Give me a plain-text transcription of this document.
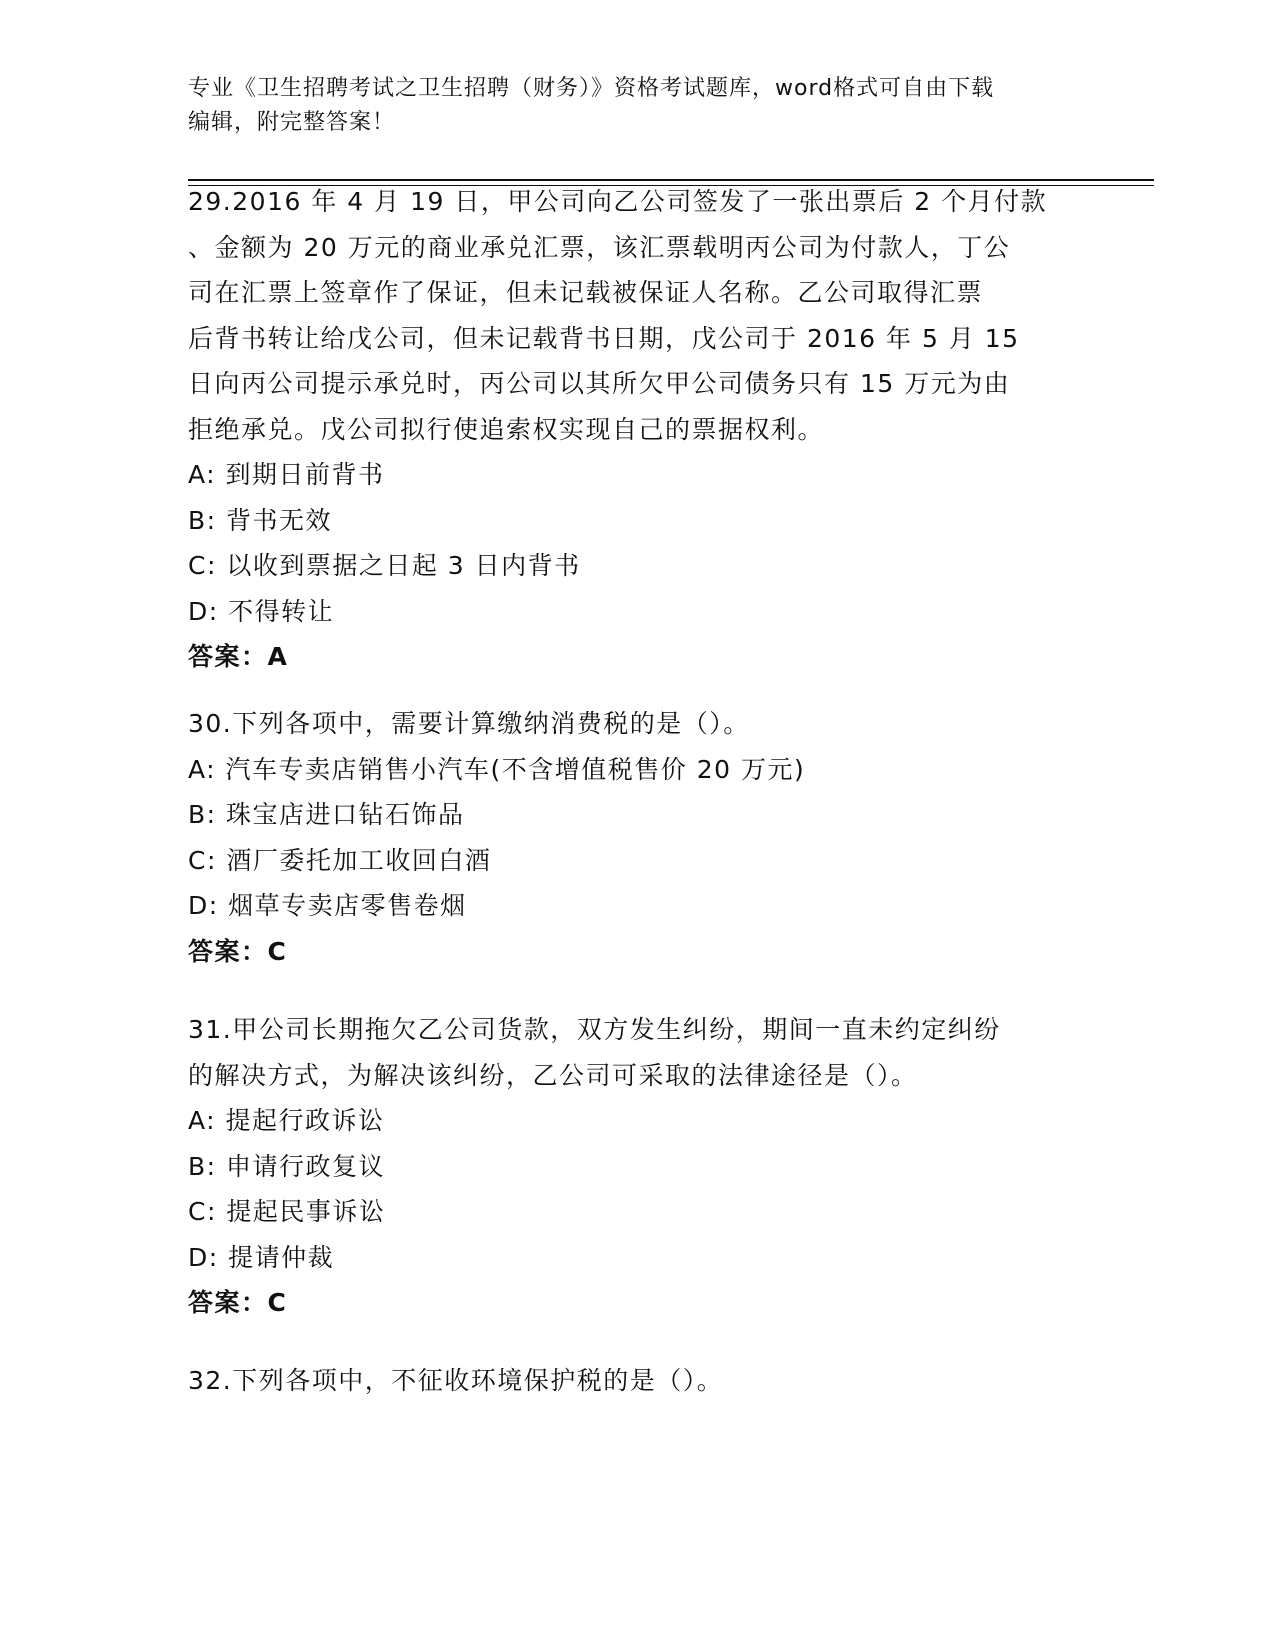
专业《卫生招聘考试之卫生招聘（财务）》资格考试题库，word格式可自由下载
编辑，附完整答案！

29.2016 年 4 月 19 日，甲公司向乙公司签发了一张出票后 2 个月付款

、金额为 20 万元的商业承兑汇票，该汇票载明丙公司为付款人，丁公

司在汇票上签章作了保证，但未记载被保证人名称。乙公司取得汇票

后背书转让给戊公司，但未记载背书日期，戊公司于 2016 年 5 月 15

日向丙公司提示承兑时，丙公司以其所欠甲公司债务只有 15 万元为由

拒绝承兑。戊公司拟行使追索权实现自己的票据权利。

A: 到期日前背书

B: 背书无效

C: 以收到票据之日起 3 日内背书

D: 不得转让

答案：A

30.下列各项中，需要计算缴纳消费税的是（）。

A: 汽车专卖店销售小汽车(不含增值税售价 20 万元)

B: 珠宝店进口钻石饰品

C: 酒厂委托加工收回白酒

D: 烟草专卖店零售卷烟

答案：C

31.甲公司长期拖欠乙公司货款，双方发生纠纷，期间一直未约定纠纷

的解决方式，为解决该纠纷，乙公司可采取的法律途径是（）。

A: 提起行政诉讼

B: 申请行政复议

C: 提起民事诉讼

D: 提请仲裁

答案：C

32.下列各项中，不征收环境保护税的是（）。
